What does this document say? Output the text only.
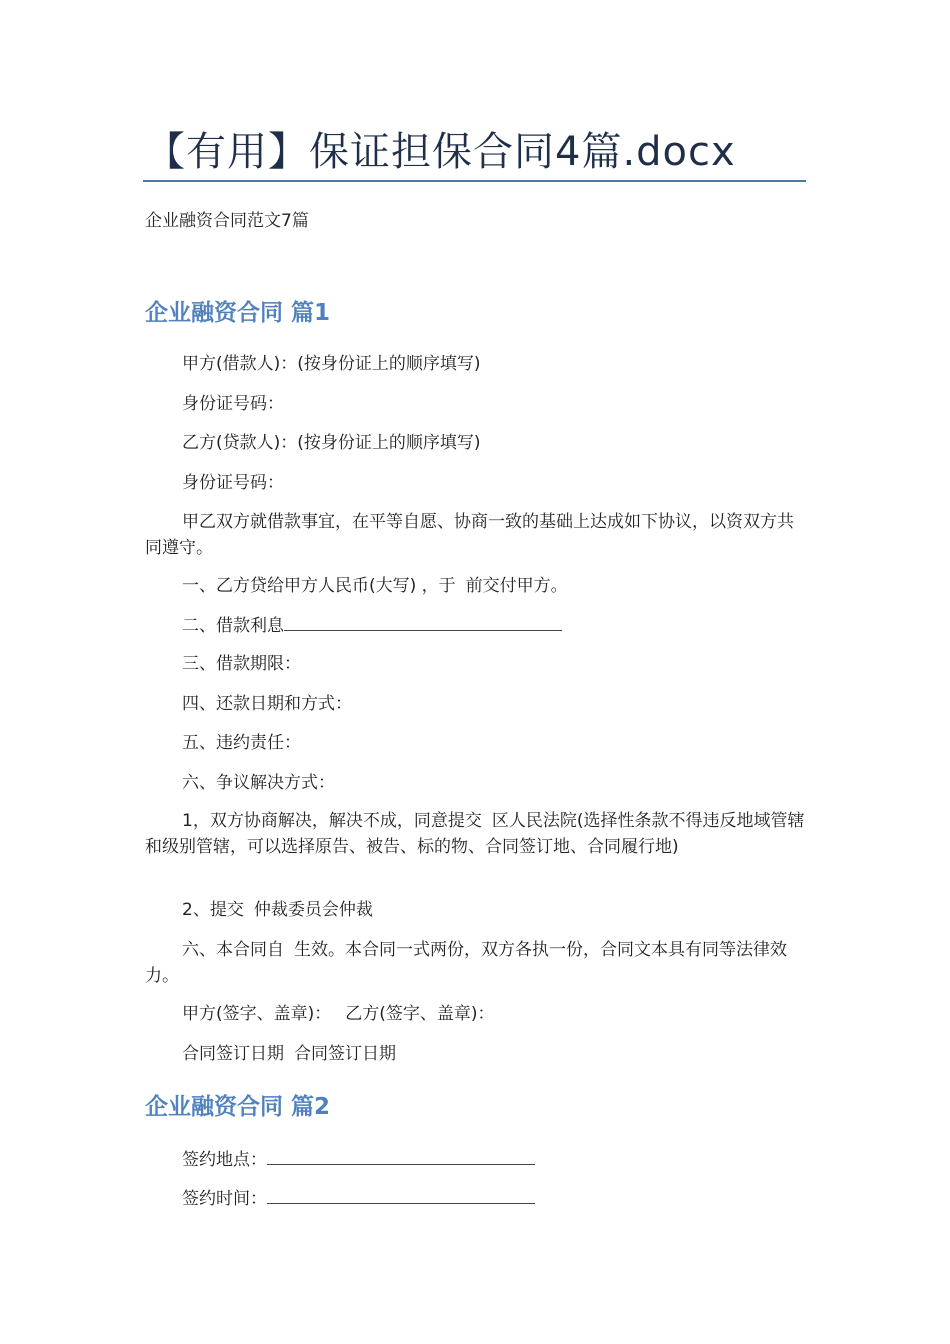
【有用】保证担保合同4篇.docx
企业融资合同范文7篇
企业融资合同 篇1

甲方(借款人)：(按身份证上的顺序填写)

身份证号码：

乙方(贷款人)：(按身份证上的顺序填写)

身份证号码：

甲乙双方就借款事宜，在平等自愿、协商一致的基础上达成如下协议，以资双方共同遵守。

一、乙方贷给甲方人民币(大写) ，于 前交付甲方。

二、借款利息

三、借款期限：

四、还款日期和方式：

五、违约责任：

六、争议解决方式：

1，双方协商解决，解决不成，同意提交 区人民法院(选择性条款不得违反地域管辖和级别管辖，可以选择原告、被告、标的物、合同签订地、合同履行地)

2、提交 仲裁委员会仲裁

六、本合同自 生效。本合同一式两份，双方各执一份，合同文本具有同等法律效力。

甲方(签字、盖章)： 乙方(签字、盖章)：

合同签订日期 合同签订日期

企业融资合同 篇2

签约地点：

签约时间：
